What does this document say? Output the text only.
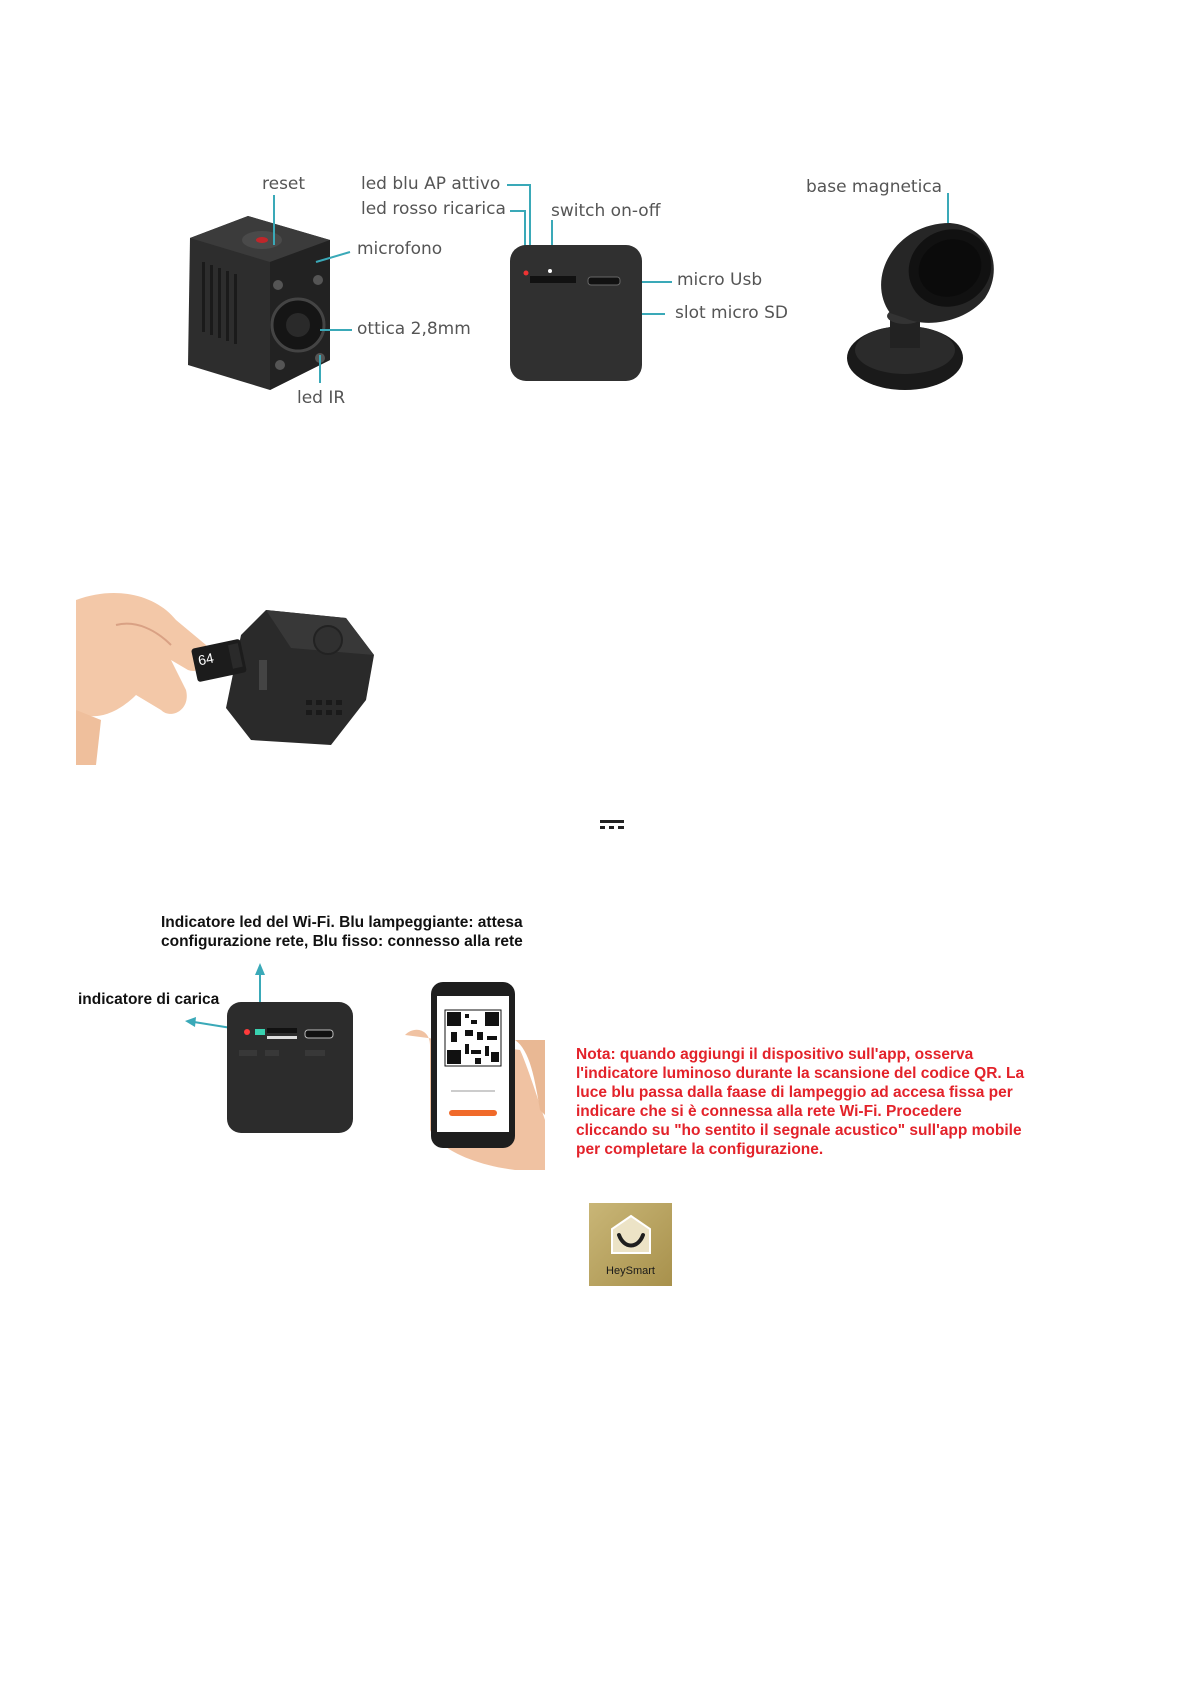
reset
microfono
ottica 2,8mm
led IR
led blu AP attivo
led rosso ricarica	switch on-off
micro Usb
slot micro SD
base magnetica
64
Indicatore led del Wi-Fi. Blu lampeggiante: attesa
configurazione rete, Blu fisso: connesso alla rete
indicatore di carica
Nota: quando aggiungi il dispositivo sull'app, osserva
l'indicatore luminoso durante la scansione del codice QR. La
luce blu passa dalla faase di lampeggio ad accesa fissa per
indicare che si è connessa alla rete Wi-Fi. Procedere
cliccando su "ho sentito il segnale acustico" sull'app mobile
per completare la configurazione.
HeySmart
